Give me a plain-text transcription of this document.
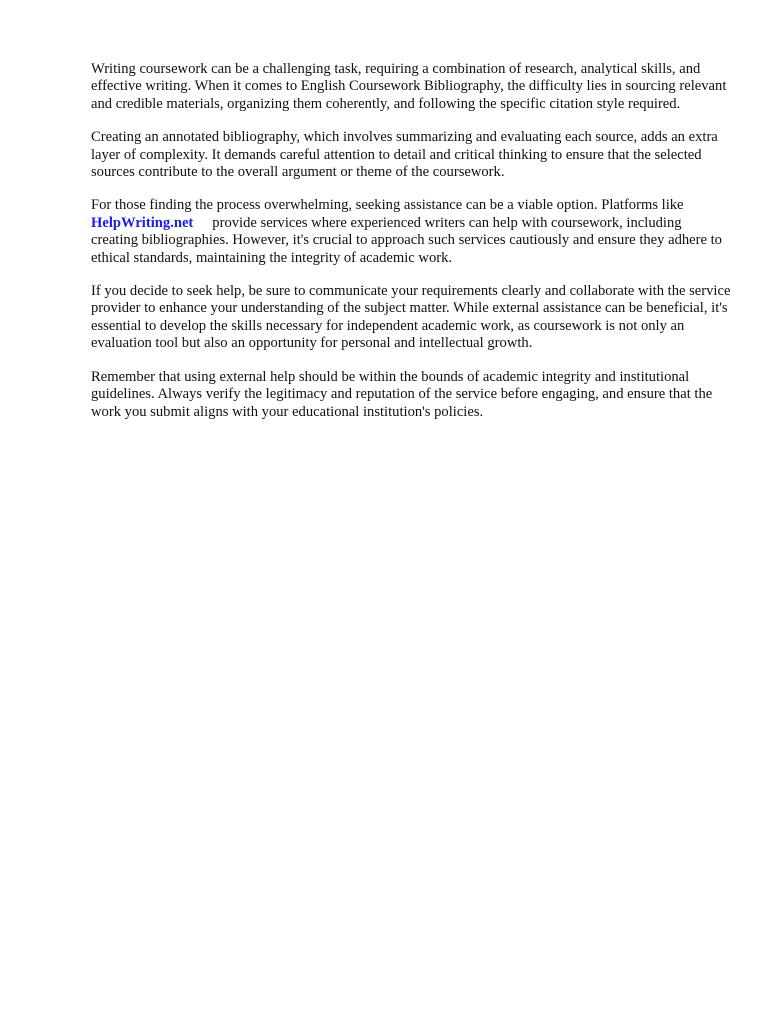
Writing coursework can be a challenging task, requiring a combination of research, analytical skills, and effective writing. When it comes to English Coursework Bibliography, the difficulty lies in sourcing relevant and credible materials, organizing them coherently, and following the specific citation style required.

Creating an annotated bibliography, which involves summarizing and evaluating each source, adds an extra layer of complexity. It demands careful attention to detail and critical thinking to ensure that the selected sources contribute to the overall argument or theme of the coursework.

For those finding the process overwhelming, seeking assistance can be a viable option. Platforms likeHelpWriting.net provide services where experienced writers can help with coursework, including creating bibliographies. However, it's crucial to approach such services cautiously and ensure they adhere to ethical standards, maintaining the integrity of academic work.

If you decide to seek help, be sure to communicate your requirements clearly and collaborate with the service provider to enhance your understanding of the subject matter. While external assistance can be beneficial, it's essential to develop the skills necessary for independent academic work, as coursework is not only an evaluation tool but also an opportunity for personal and intellectual growth.

Remember that using external help should be within the bounds of academic integrity and institutional guidelines. Always verify the legitimacy and reputation of the service before engaging, and ensure that the work you submit aligns with your educational institution's policies.
